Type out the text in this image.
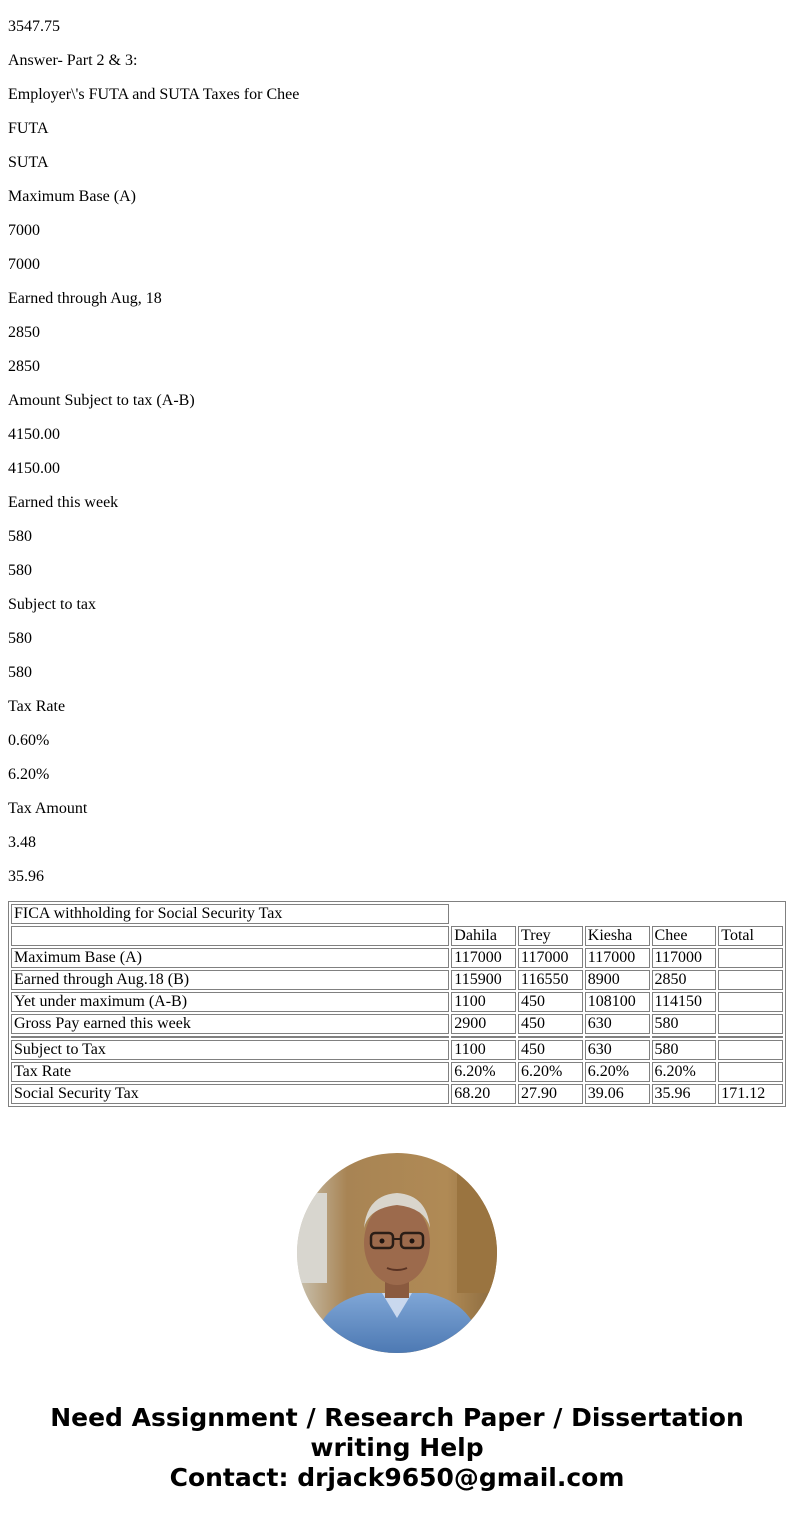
3547.75

Answer- Part 2 & 3:

Employer\'s FUTA and SUTA Taxes for Chee

FUTA

SUTA

Maximum Base (A)

7000

7000

Earned through Aug, 18

2850

2850

Amount Subject to tax (A-B)

4150.00

4150.00

Earned this week

580

580

Subject to tax

580

580

Tax Rate

0.60%

6.20%

Tax Amount

3.48

35.96

FICA withholding for Social Security Tax					
	Dahila	Trey	Kiesha	Chee	Total
Maximum Base (A)	117000	117000	117000	117000	
Earned through Aug.18 (B)	115900	116550	8900	2850	
Yet under maximum (A-B)	1100	450	108100	114150	
Gross Pay earned this week	2900	450	630	580	

Subject to Tax	1100	450	630	580	
Tax Rate	6.20%	6.20%	6.20%	6.20%	
Social Security Tax	68.20	27.90	39.06	35.96	171.12
Need Assignment / Research Paper / Dissertation
writing Help
Contact: drjack9650@gmail.com
